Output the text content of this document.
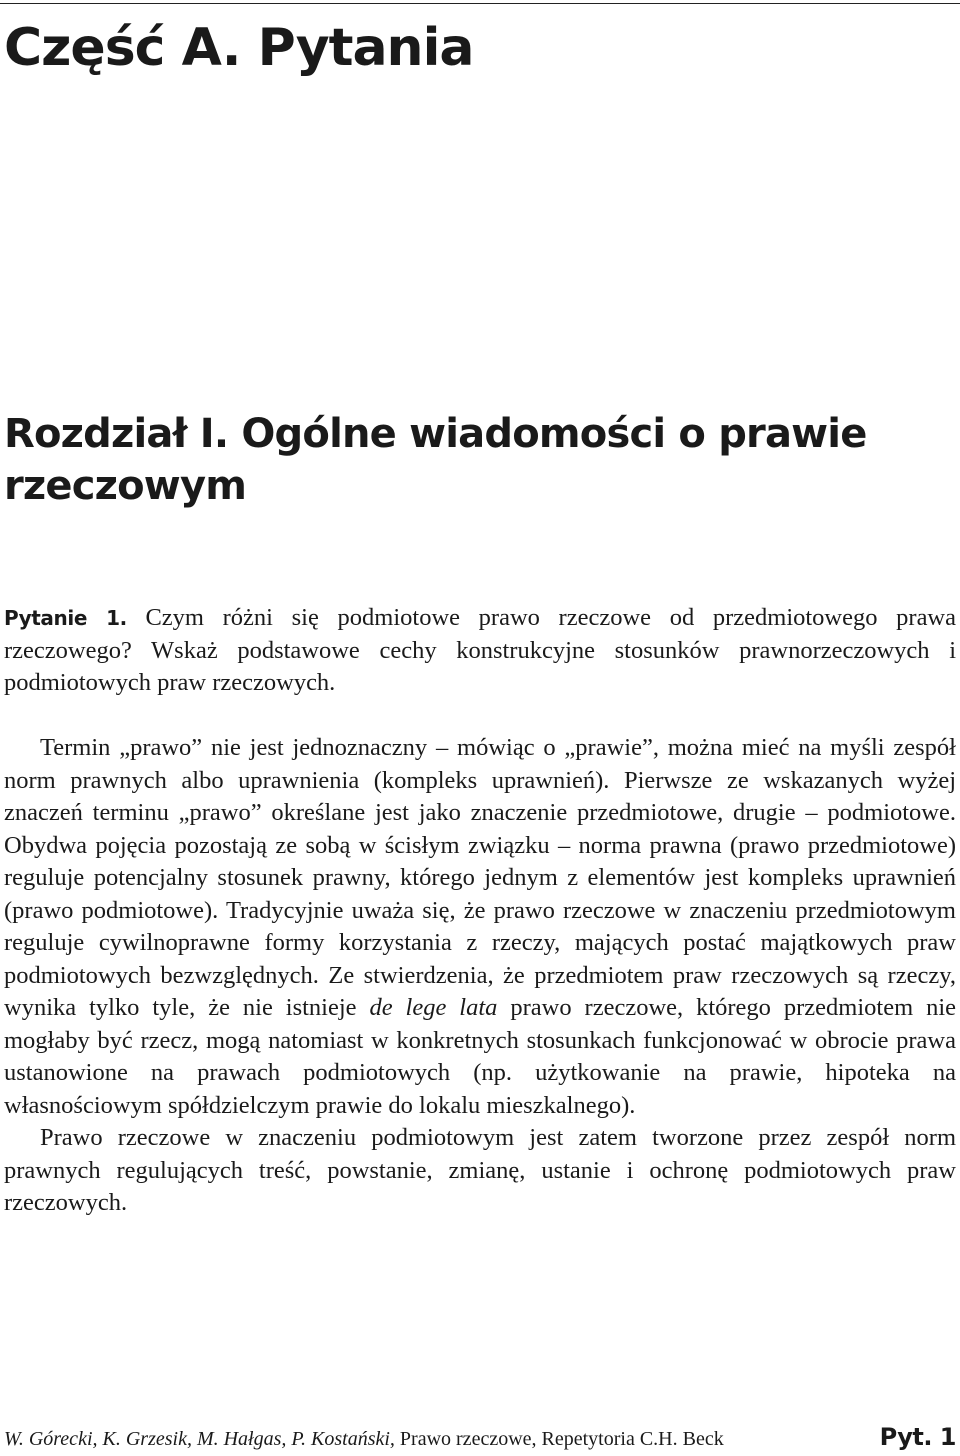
Część A. Pytania
Rozdział I. Ogólne wiadomości o prawie rzeczowym

Pytanie 1. Czym różni się podmiotowe prawo rzeczowe od przedmiotowego prawa rzeczowego? Wskaż podstawowe cechy konstrukcyjne stosunków prawnorzeczowych i podmiotowych praw rzeczowych.

Termin „prawo” nie jest jednoznaczny – mówiąc o „prawie”, można mieć na myśli zespół norm prawnych albo uprawnienia (kompleks uprawnień). Pierwsze ze wskazanych wyżej znaczeń terminu „prawo” określane jest jako znaczenie przedmiotowe, drugie – podmiotowe. Obydwa pojęcia pozostają ze sobą w ścisłym związku – norma prawna (prawo przedmiotowe) reguluje potencjalny stosunek prawny, którego jednym z elementów jest kompleks uprawnień (prawo podmiotowe). Tradycyjnie uważa się, że prawo rzeczowe w znaczeniu przedmiotowym reguluje cywilnoprawne formy korzystania z rzeczy, mających postać majątkowych praw podmiotowych bezwzględnych. Ze stwierdzenia, że przedmiotem praw rzeczowych są rzeczy, wynika tylko tyle, że nie istnieje de lege lata prawo rzeczowe, którego przedmiotem nie mogłaby być rzecz, mogą natomiast w konkretnych stosunkach funkcjonować w obrocie prawa ustanowione na prawach podmiotowych (np. użytkowanie na prawie, hipoteka na własnościowym spółdzielczym prawie do lokalu mieszkalnego).

Prawo rzeczowe w znaczeniu podmiotowym jest zatem tworzone przez zespół norm prawnych regulujących treść, powstanie, zmianę, ustanie i ochronę podmiotowych praw rzeczowych.

W. Górecki, K. Grzesik, M. Hałgas, P. Kostański, Prawo rzeczowe, Repetytoria C.H. Beck	Pyt. 1
